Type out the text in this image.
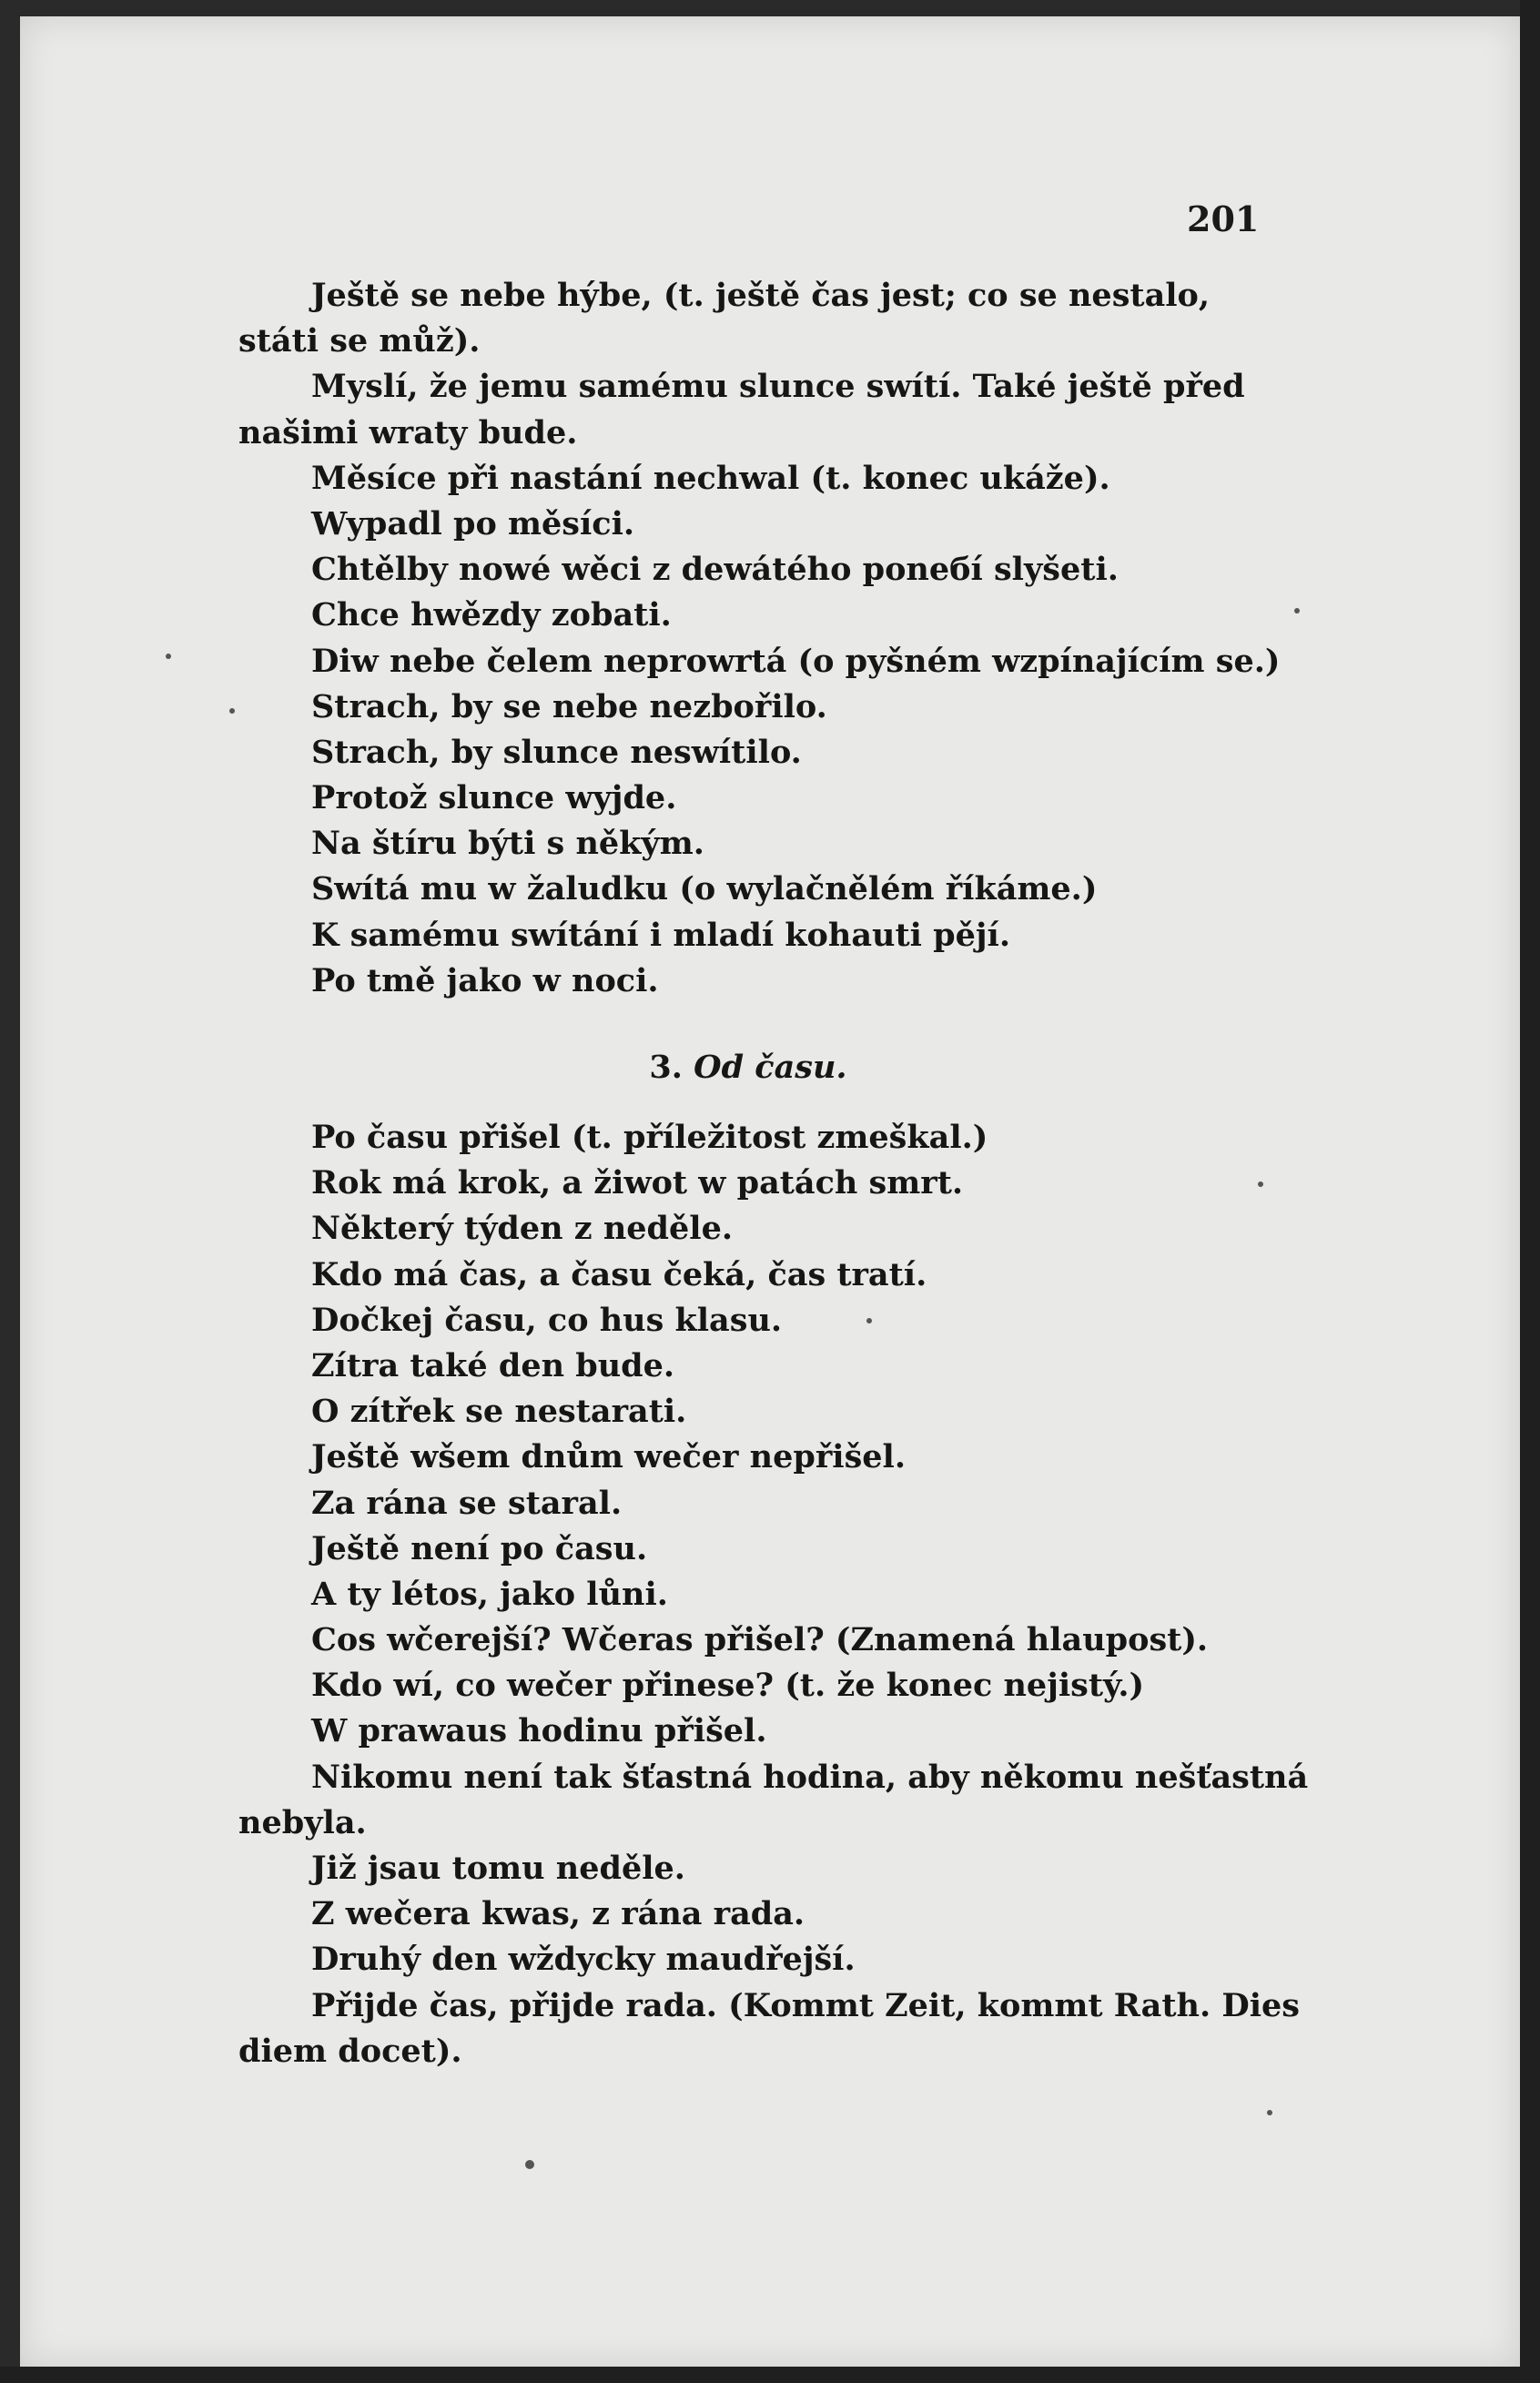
201
Ještě se nebe hýbe, (t. ještě čas jest; co se nestalo,
státi se můž).
Myslí, že jemu samému slunce swítí. Také ještě před
našimi wraty bude.
Měsíce při nastání nechwal (t. konec ukáže).
Wypadl po měsíci.
Chtělby nowé wěci z dewátého poneбí slyšeti.
Chce hwězdy zobati.
Diw nebe čelem neprowrtá (o pyšném wzpínajícím se.)
Strach, by se nebe nezbořilo.
Strach, by slunce neswítilo.
Protož slunce wyjde.
Na štíru býti s někým.
Swítá mu w žaludku (o wylačnělém říkáme.)
K samému swítání i mladí kohauti pějí.
Po tmě jako w noci.
3. Od času.
Po času přišel (t. příležitost zmeškal.)
Rok má krok, a žiwot w patách smrt.
Některý týden z neděle.
Kdo má čas, a času čeká, čas tratí.
Dočkej času, co hus klasu.
Zítra také den bude.
O zítřek se nestarati.
Ještě wšem dnům wečer nepřišel.
Za rána se staral.
Ještě není po času.
A ty létos, jako lůni.
Cos wčerejší? Wčeras přišel? (Znamená hlaupost).
Kdo wí, co wečer přinese? (t. že konec nejistý.)
W prawaus hodinu přišel.
Nikomu není tak šťastná hodina, aby někomu nešťastná
nebyla.
Již jsau tomu neděle.
Z wečera kwas, z rána rada.
Druhý den wždycky maudřejší.
Přijde čas, přijde rada. (Kommt Zeit, kommt Rath. Dies
diem docet).
